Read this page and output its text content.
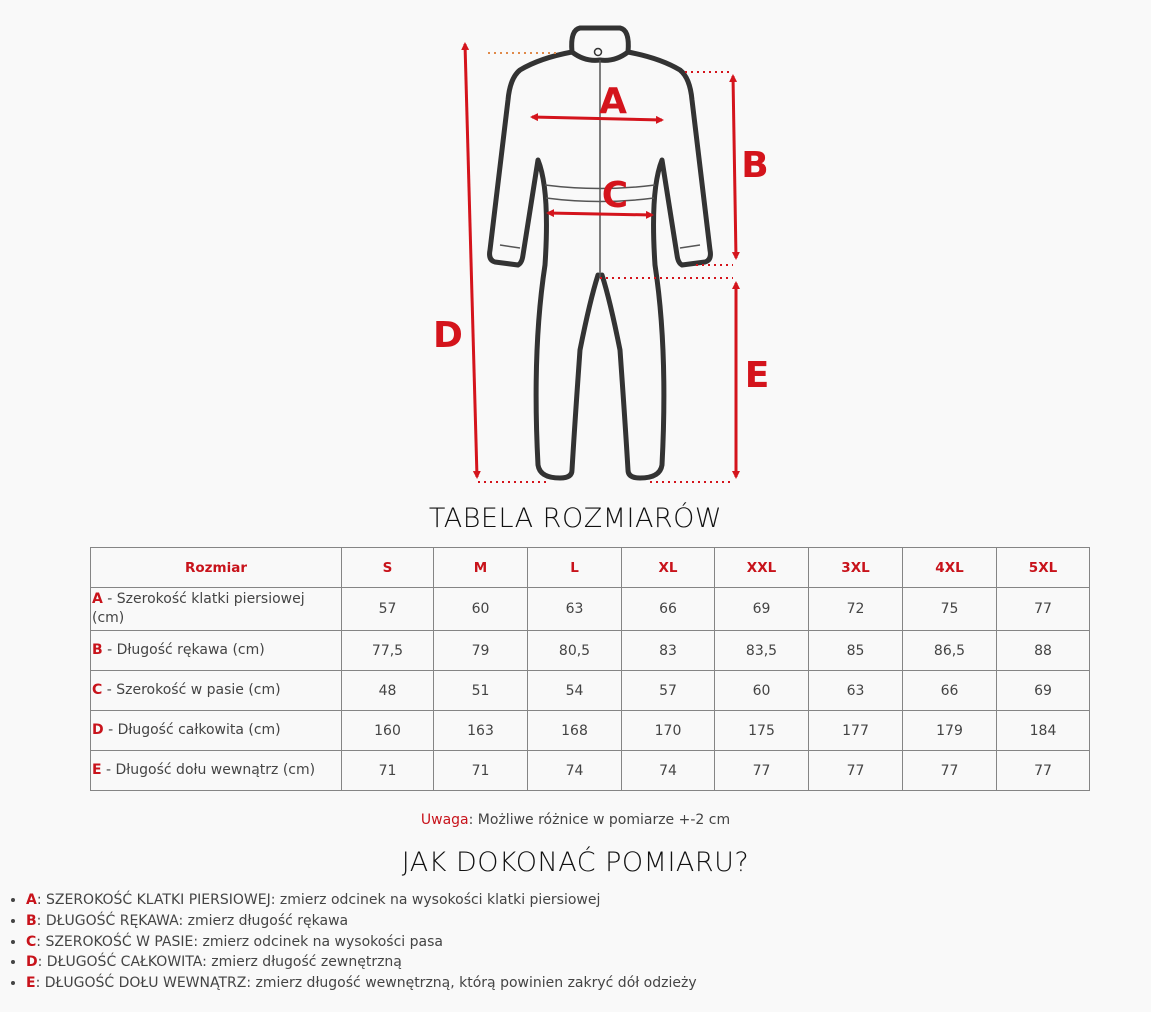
A
B
C
D
E
TABELA ROZMIARÓW
Rozmiar	S	M	L	XL	XXL	3XL	4XL	5XL
A - Szerokość klatki piersiowej (cm)	57	60	63	66	69	72	75	77
B - Długość rękawa (cm)	77,5	79	80,5	83	83,5	85	86,5	88
C - Szerokość w pasie (cm)	48	51	54	57	60	63	66	69
D - Długość całkowita (cm)	160	163	168	170	175	177	179	184
E - Długość dołu wewnątrz (cm)	71	71	74	74	77	77	77	77
Uwaga: Możliwe różnice w pomiarze +-2 cm
JAK DOKONAĆ POMIARU?
• A: SZEROKOŚĆ KLATKI PIERSIOWEJ: zmierz odcinek na wysokości klatki piersiowej
• B: DŁUGOŚĆ RĘKAWA: zmierz długość rękawa
• C: SZEROKOŚĆ W PASIE: zmierz odcinek na wysokości pasa
• D: DŁUGOŚĆ CAŁKOWITA: zmierz długość zewnętrzną
• E: DŁUGOŚĆ DOŁU WEWNĄTRZ: zmierz długość wewnętrzną, którą powinien zakryć dół odzieży
